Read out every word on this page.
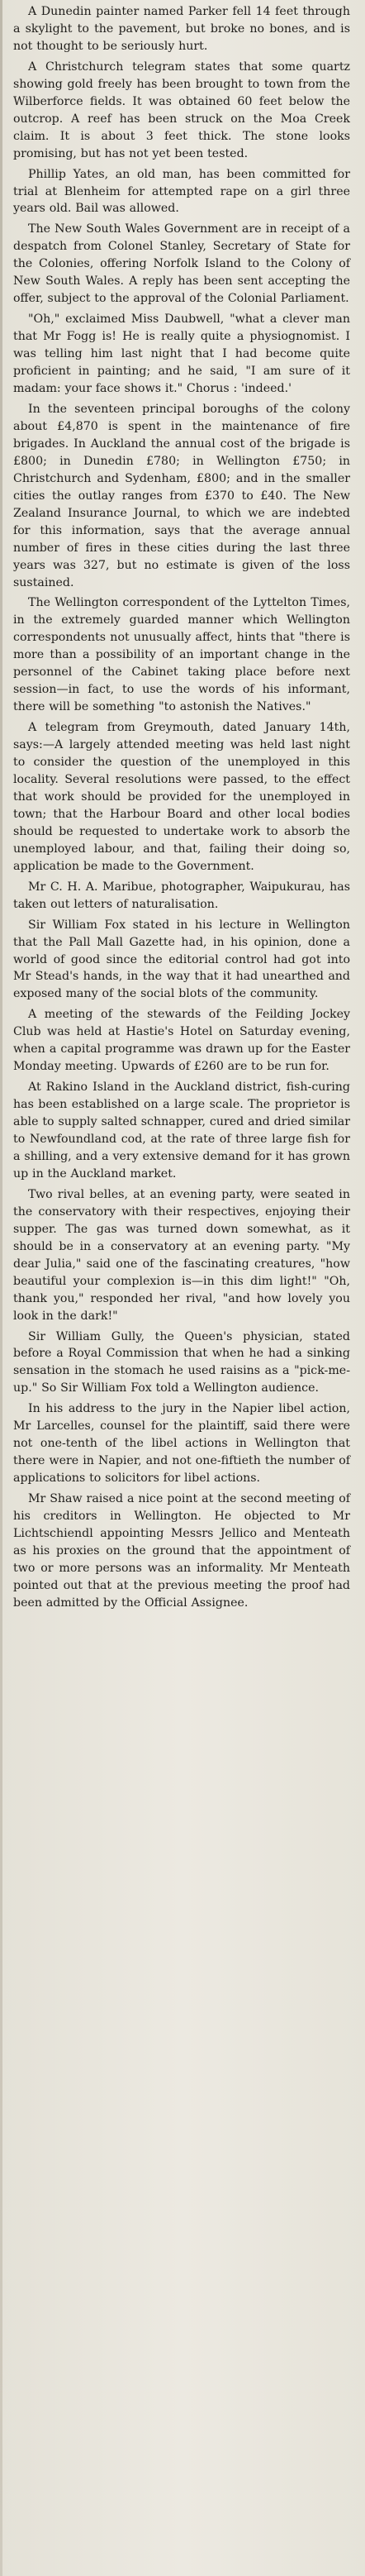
A Dunedin painter named Parker fell 14 feet through a skylight to the pavement, but broke no bones, and is not thought to be seriously hurt.

A Christchurch telegram states that some quartz showing gold freely has been brought to town from the Wilberforce fields. It was obtained 60 feet below the outcrop. A reef has been struck on the Moa Creek claim. It is about 3 feet thick. The stone looks promising, but has not yet been tested.

Phillip Yates, an old man, has been committed for trial at Blenheim for attempted rape on a girl three years old. Bail was allowed.

The New South Wales Government are in receipt of a despatch from Colonel Stanley, Secretary of State for the Colonies, offering Norfolk Island to the Colony of New South Wales. A reply has been sent accepting the offer, subject to the approval of the Colonial Parliament.

"Oh," exclaimed Miss Daubwell, "what a clever man that Mr Fogg is! He is really quite a physiognomist. I was telling him last night that I had become quite proficient in painting; and he said, "I am sure of it madam: your face shows it." Chorus : 'indeed.'

In the seventeen principal boroughs of the colony about £4,870 is spent in the maintenance of fire brigades. In Auckland the annual cost of the brigade is £800; in Dunedin £780; in Wellington £750; in Christchurch and Sydenham, £800; and in the smaller cities the outlay ranges from £370 to £40. The New Zealand Insurance Journal, to which we are indebted for this information, says that the average annual number of fires in these cities during the last three years was 327, but no estimate is given of the loss sustained.

The Wellington correspondent of the Lyttelton Times, in the extremely guarded manner which Wellington correspondents not unusually affect, hints that "there is more than a possibility of an important change in the personnel of the Cabinet taking place before next session—in fact, to use the words of his informant, there will be something "to astonish the Natives."

A telegram from Greymouth, dated January 14th, says:—A largely attended meeting was held last night to consider the question of the unemployed in this locality. Several resolutions were passed, to the effect that work should be provided for the unemployed in town; that the Harbour Board and other local bodies should be requested to undertake work to absorb the unemployed labour, and that, failing their doing so, application be made to the Government.

Mr C. H. A. Maribue, photographer, Waipukurau, has taken out letters of naturalisation.

Sir William Fox stated in his lecture in Wellington that the Pall Mall Gazette had, in his opinion, done a world of good since the editorial control had got into Mr Stead's hands, in the way that it had unearthed and exposed many of the social blots of the community.

A meeting of the stewards of the Feilding Jockey Club was held at Hastie's Hotel on Saturday evening, when a capital programme was drawn up for the Easter Monday meeting. Upwards of £260 are to be run for.

At Rakino Island in the Auckland district, fish-curing has been established on a large scale. The proprietor is able to supply salted schnapper, cured and dried similar to Newfoundland cod, at the rate of three large fish for a shilling, and a very extensive demand for it has grown up in the Auckland market.

Two rival belles, at an evening party, were seated in the conservatory with their respectives, enjoying their supper. The gas was turned down somewhat, as it should be in a conservatory at an evening party. "My dear Julia," said one of the fascinating creatures, "how beautiful your complexion is—in this dim light!" "Oh, thank you," responded her rival, "and how lovely you look in the dark!"

Sir William Gully, the Queen's physician, stated before a Royal Commission that when he had a sinking sensation in the stomach he used raisins as a "pick-me-up." So Sir William Fox told a Wellington audience.

In his address to the jury in the Napier libel action, Mr Larcelles, counsel for the plaintiff, said there were not one-tenth of the libel actions in Wellington that there were in Napier, and not one-fiftieth the number of applications to solicitors for libel actions.

Mr Shaw raised a nice point at the second meeting of his creditors in Wellington. He objected to Mr Lichtschiendl appointing Messrs Jellico and Menteath as his proxies on the ground that the appointment of two or more persons was an informality. Mr Menteath pointed out that at the previous meeting the proof had been admitted by the Official Assignee.
